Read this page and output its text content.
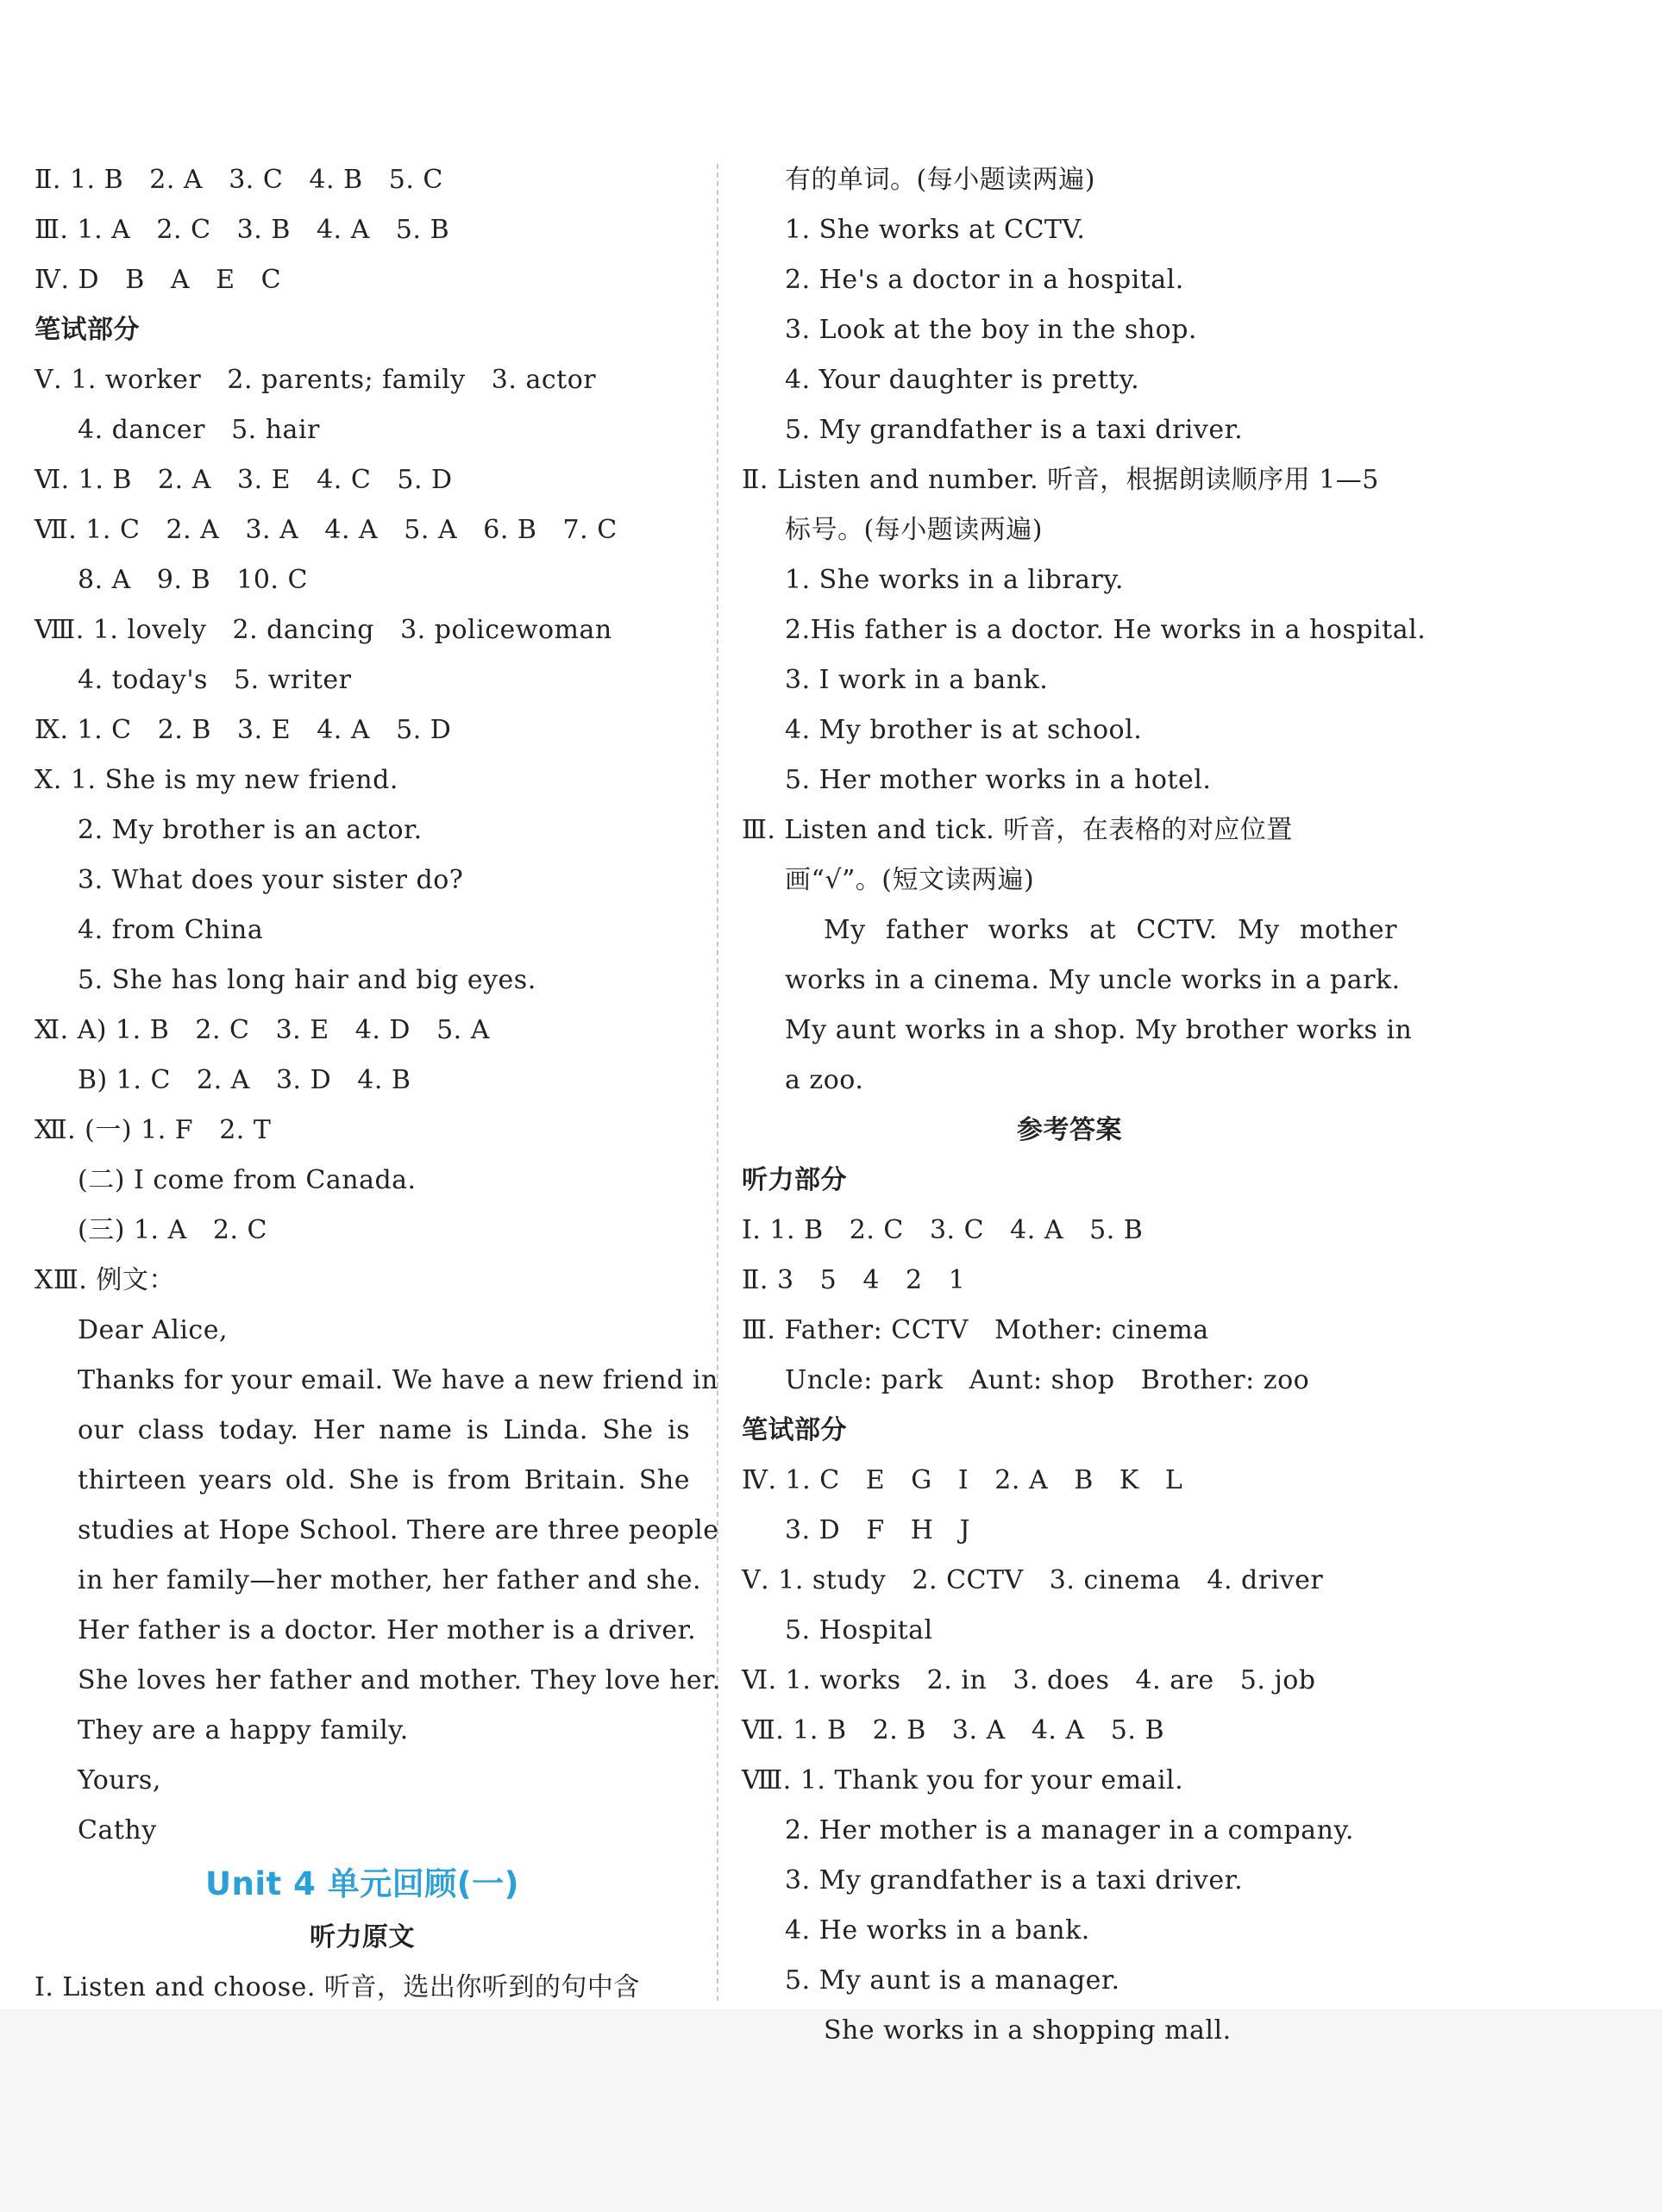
Ⅱ. 1. B   2. A   3. C   4. B   5. C
Ⅲ. 1. A   2. C   3. B   4. A   5. B
Ⅳ. D   B   A   E   C
笔试部分
Ⅴ. 1. worker   2. parents; family   3. actor
4. dancer   5. hair
Ⅵ. 1. B   2. A   3. E   4. C   5. D
Ⅶ. 1. C   2. A   3. A   4. A   5. A   6. B   7. C
8. A   9. B   10. C
Ⅷ. 1. lovely   2. dancing   3. policewoman
4. today's   5. writer
Ⅸ. 1. C   2. B   3. E   4. A   5. D
Ⅹ. 1. She is my new friend.
2. My brother is an actor.
3. What does your sister do?
4. from China
5. She has long hair and big eyes.
Ⅺ. A) 1. B   2. C   3. E   4. D   5. A
B) 1. C   2. A   3. D   4. B
Ⅻ. (一) 1. F   2. T
(二) I come from Canada.
(三) 1. A   2. C
ⅩⅢ. 例文：
Dear Alice,
Thanks for your email. We have a new friend in
our class today. Her name is Linda. She is
thirteen years old. She is from Britain. She
studies at Hope School. There are three people
in her family—her mother, her father and she.
Her father is a doctor. Her mother is a driver.
She loves her father and mother. They love her.
They are a happy family.
Yours,
Cathy
Unit 4 单元回顾(一)
听力原文
Ⅰ. Listen and choose. 听音，选出你听到的句中含
有的单词。(每小题读两遍)
1. She works at CCTV.
2. He's a doctor in a hospital.
3. Look at the boy in the shop.
4. Your daughter is pretty.
5. My grandfather is a taxi driver.
Ⅱ. Listen and number. 听音，根据朗读顺序用 1—5
标号。(每小题读两遍)
1. She works in a library.
2.His father is a doctor. He works in a hospital.
3. I work in a bank.
4. My brother is at school.
5. Her mother works in a hotel.
Ⅲ. Listen and tick. 听音，在表格的对应位置
画“√”。(短文读两遍)
My father works at CCTV. My mother
works in a cinema. My uncle works in a park.
My aunt works in a shop. My brother works in
a zoo.
参考答案
听力部分
Ⅰ. 1. B   2. C   3. C   4. A   5. B
Ⅱ. 3   5   4   2   1
Ⅲ. Father: CCTV   Mother: cinema
Uncle: park   Aunt: shop   Brother: zoo
笔试部分
Ⅳ. 1. C   E   G   I   2. A   B   K   L
3. D   F   H   J
Ⅴ. 1. study   2. CCTV   3. cinema   4. driver
5. Hospital
Ⅵ. 1. works   2. in   3. does   4. are   5. job
Ⅶ. 1. B   2. B   3. A   4. A   5. B
Ⅷ. 1. Thank you for your email.
2. Her mother is a manager in a company.
3. My grandfather is a taxi driver.
4. He works in a bank.
5. My aunt is a manager.
She works in a shopping mall.
